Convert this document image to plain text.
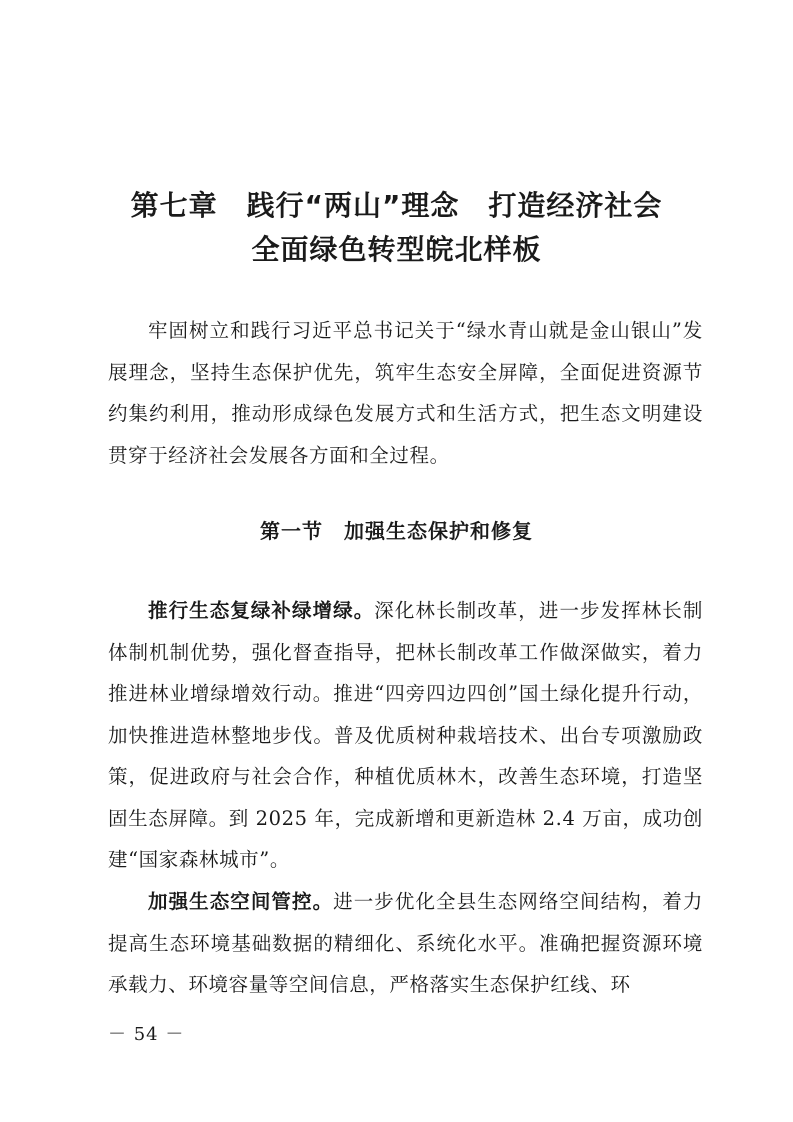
第七章　践行“两山”理念　打造经济社会
全面绿色转型皖北样板

牢固树立和践行习近平总书记关于“绿水青山就是金山银山”发展理念，坚持生态保护优先，筑牢生态安全屏障，全面促进资源节约集约利用，推动形成绿色发展方式和生活方式，把生态文明建设贯穿于经济社会发展各方面和全过程。

第一节　加强生态保护和修复

推行生态复绿补绿增绿。深化林长制改革，进一步发挥林长制体制机制优势，强化督查指导，把林长制改革工作做深做实，着力推进林业增绿增效行动。推进“四旁四边四创”国土绿化提升行动，加快推进造林整地步伐。普及优质树种栽培技术、出台专项激励政策，促进政府与社会合作，种植优质林木，改善生态环境，打造坚固生态屏障。到 2025 年，完成新增和更新造林 2.4 万亩，成功创建“国家森林城市”。

加强生态空间管控。进一步优化全县生态网络空间结构，着力提高生态环境基础数据的精细化、系统化水平。准确把握资源环境承载力、环境容量等空间信息，严格落实生态保护红线、环

－ 54 －
